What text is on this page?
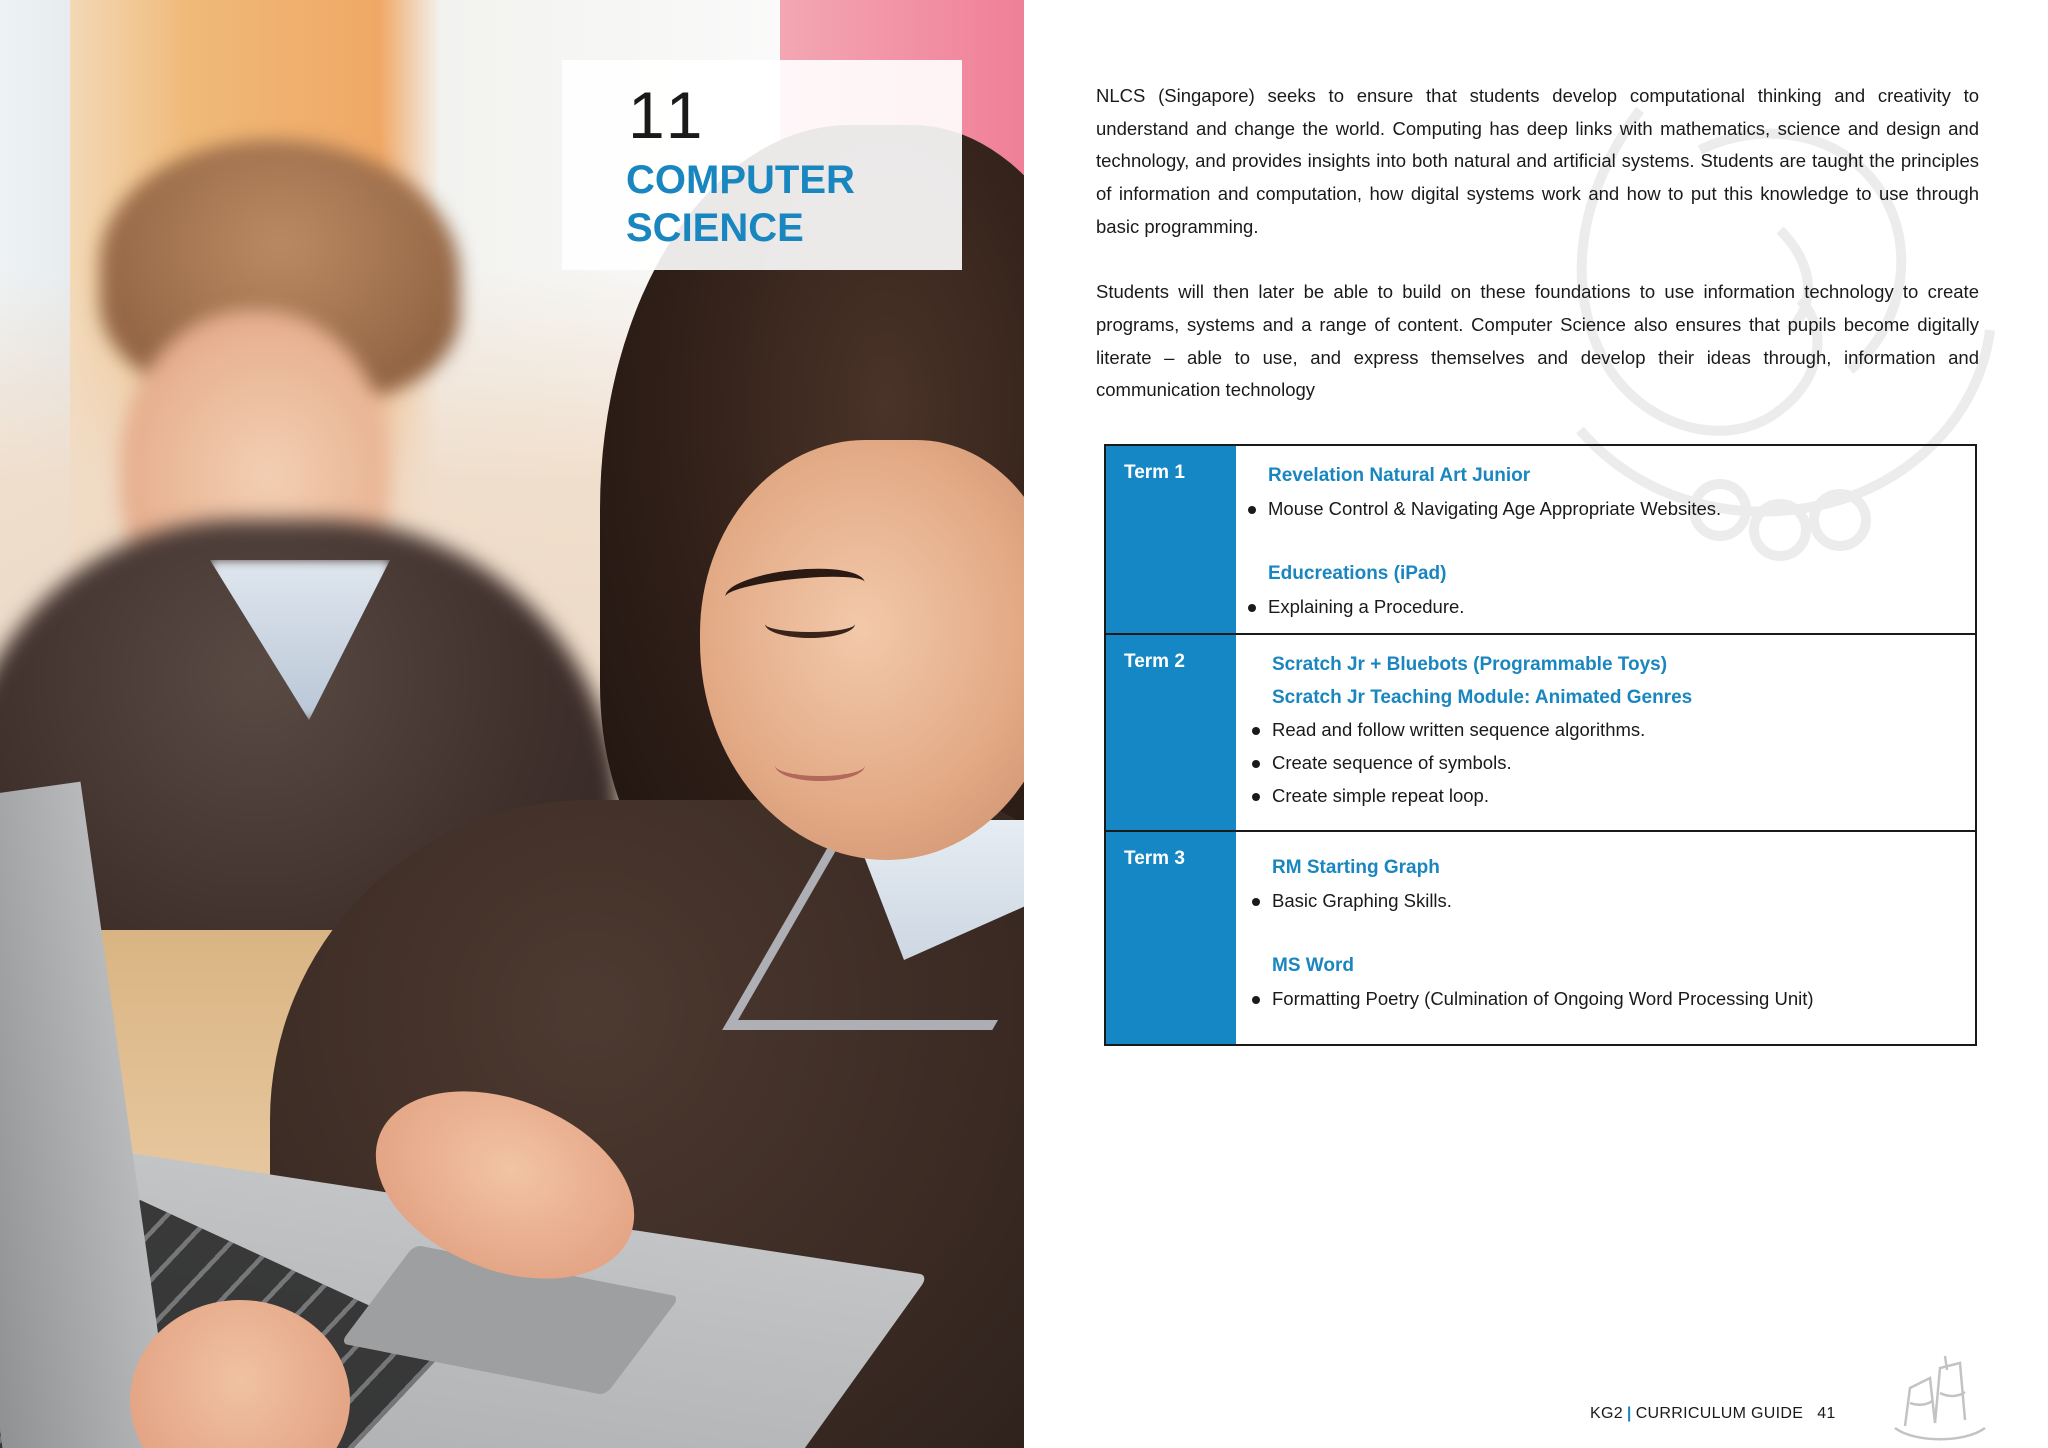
11
COMPUTER
SCIENCE

NLCS (Singapore) seeks to ensure that students develop computational thinking and creativity to understand and change the world. Computing has deep links with mathematics, science and design and technology, and provides insights into both natural and artificial systems. Students are taught the principles of information and computation, how digital systems work and how to put this knowledge to use through basic programming.

Students will then later be able to build on these foundations to use information technology to create programs, systems and a range of content. Computer Science also ensures that pupils become digitally literate – able to use, and express themselves and develop their ideas through, information and communication technology

Term 1	Revelation Natural Art Junior
Mouse Control & Navigating Age Appropriate Websites.
Educreations (iPad)
Explaining a Procedure.
Term 2	Scratch Jr + Bluebots (Programmable Toys)
Scratch Jr Teaching Module: Animated Genres
Read and follow written sequence algorithms.
Create sequence of symbols.
Create simple repeat loop.
Term 3	RM Starting Graph
Basic Graphing Skills.
MS Word
Formatting Poetry (Culmination of Ongoing Word Processing Unit)
KG2 | CURRICULUM GUIDE 41
